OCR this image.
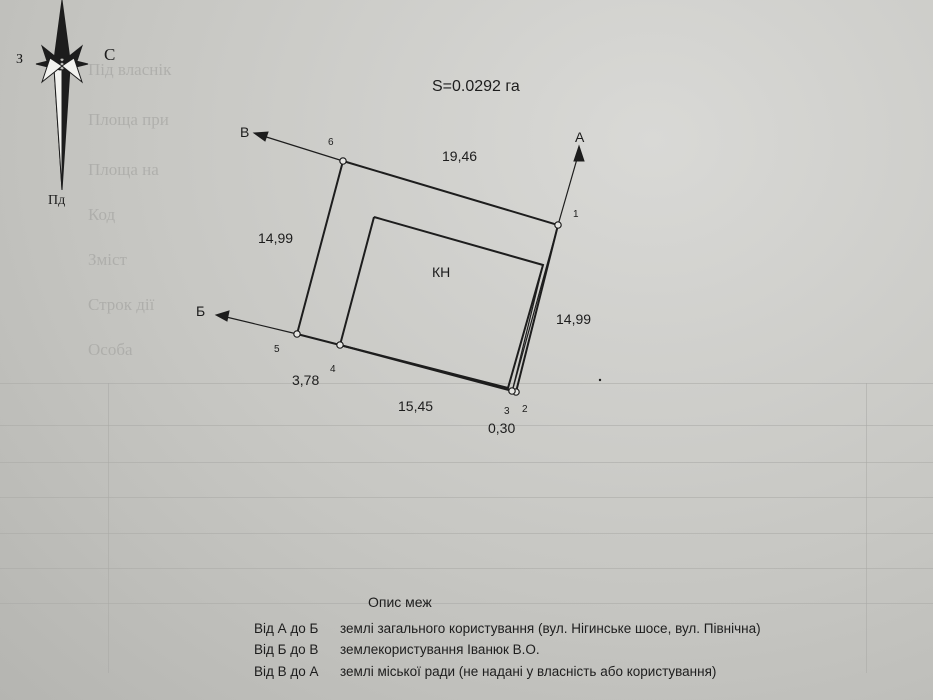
Під власнік
Площа при
Площа на
Код
Зміст
Строк дії
Особа
З	С
Пд
S=0.0292 га
А
В
Б
1
2
3
4
5
6
19,46
14,99
14,99
3,78
15,45
0,30
КН
Опис меж
Від А до Б землі загального користування (вул. Нігинське шосе, вул. Північна)
Від Б до В землекористування Іванюк В.О.
Від В до А землі міської ради (не надані у власність або користування)
